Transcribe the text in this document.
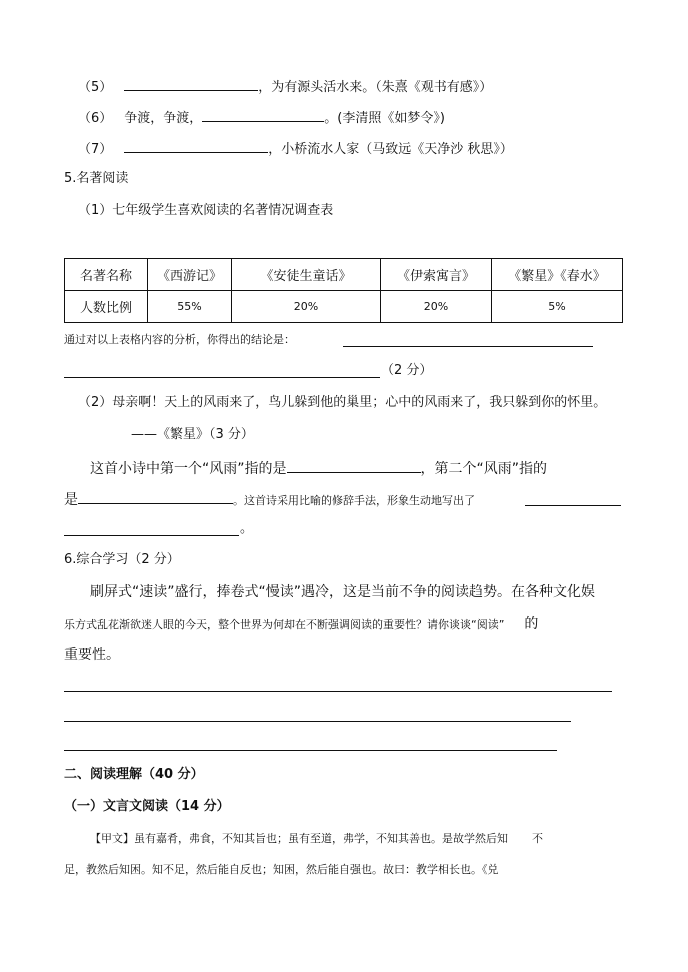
（5）	，为有源头活水来。（朱熹《观书有感》）
（6） 争渡，争渡，	。(李清照《如梦令》)
（7）	，小桥流水人家（马致远《天净沙 秋思》）
5.名著阅读
（1）七年级学生喜欢阅读的名著情况调查表
名著名称	《西游记》	《安徒生童话》	《伊索寓言》	《繁星》《春水》
人数比例	55%	20%	20%	5%
通过对以上表格内容的分析，你得出的结论是：
（2 分）
（2）母亲啊！天上的风雨来了，鸟儿躲到他的巢里；心中的风雨来了，我只躲到你的怀里。
——《繁星》（3 分）
这首小诗中第一个“风雨”指的是	，第二个“风雨”指的
是	。这首诗采用比喻的修辞手法，形象生动地写出了
。
6.综合学习（2 分）
刷屏式“速读”盛行，捧卷式“慢读”遇冷，这是当前不争的阅读趋势。在各种文化娱
乐方式乱花渐欲迷人眼的今天，整个世界为何却在不断强调阅读的重要性？请你谈谈“阅读” 的
重要性。
二、阅读理解（40 分）
（一）文言文阅读（14 分）
【甲文】虽有嘉肴，弗食，不知其旨也；虽有至道，弗学，不知其善也。是故学然后知 不
足，教然后知困。知不足，然后能自反也；知困，然后能自强也。故曰：教学相长也。《兑
